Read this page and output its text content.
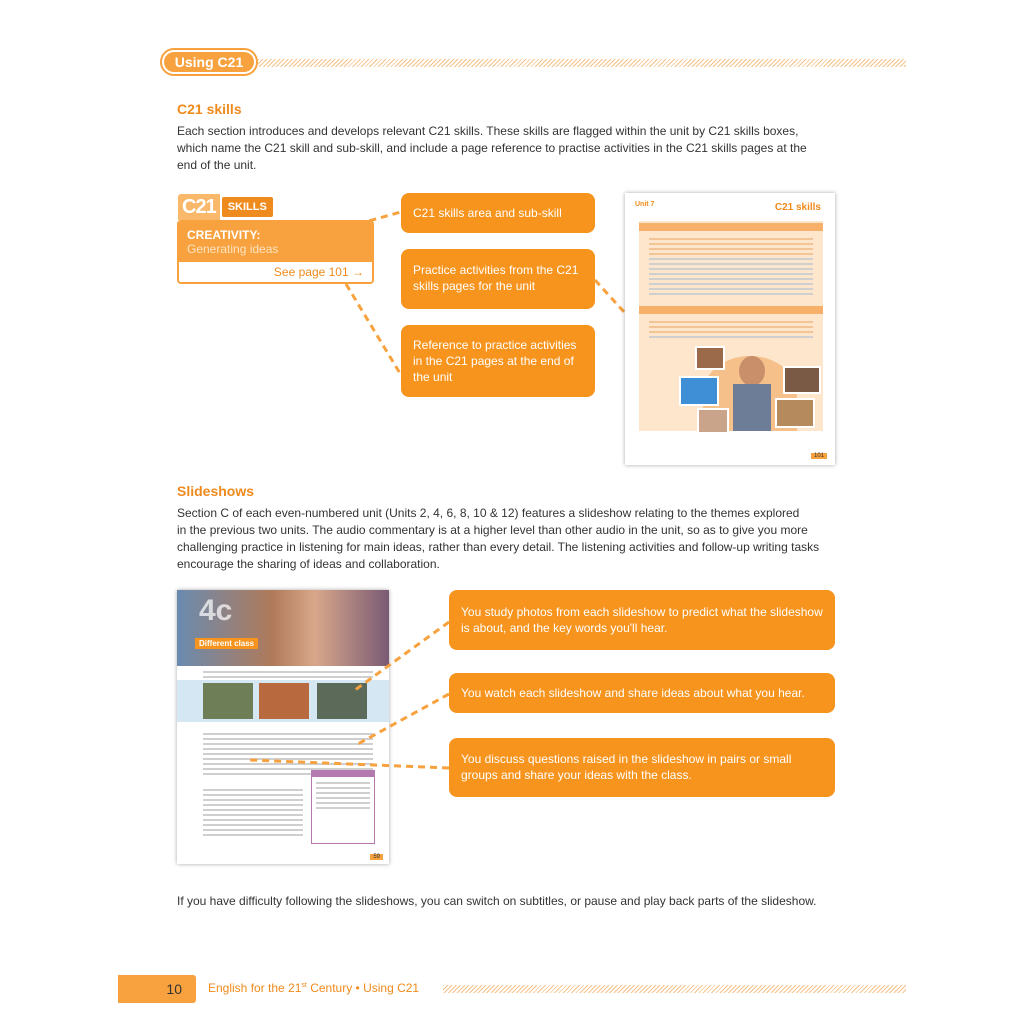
Using C21
C21 skills

Each section introduces and develops relevant C21 skills. These skills are flagged within the unit by C21 skills boxes,

which name the C21 skill and sub-skill, and include a page reference to practise activities in the C21 skills pages at the

end of the unit.

C21	SKILLS
CREATIVITY:
Generating ideas
See page 101 →
C21 skills area and sub-skill
Practice activities from the C21 skills pages for the unit
Reference to practice activities in the C21 pages at the end of the unit
Unit 7	C21 skills
101
Slideshows

Section C of each even-numbered unit (Units 2, 4, 6, 8, 10 & 12) features a slideshow relating to the themes explored

in the previous two units. The audio commentary is at a higher level than other audio in the unit, so as to give you more

challenging practice in listening for main ideas, rather than every detail. The listening activities and follow-up writing tasks

encourage the sharing of ideas and collaboration.

4c
Different class
59
You study photos from each slideshow to predict what the slideshow is about, and the key words you'll hear.
You watch each slideshow and share ideas about what you hear.
You discuss questions raised in the slideshow in pairs or small groups and share your ideas with the class.

If you have difficulty following the slideshows, you can switch on subtitles, or pause and play back parts of the slideshow.

10	English for the 21st Century • Using C21
